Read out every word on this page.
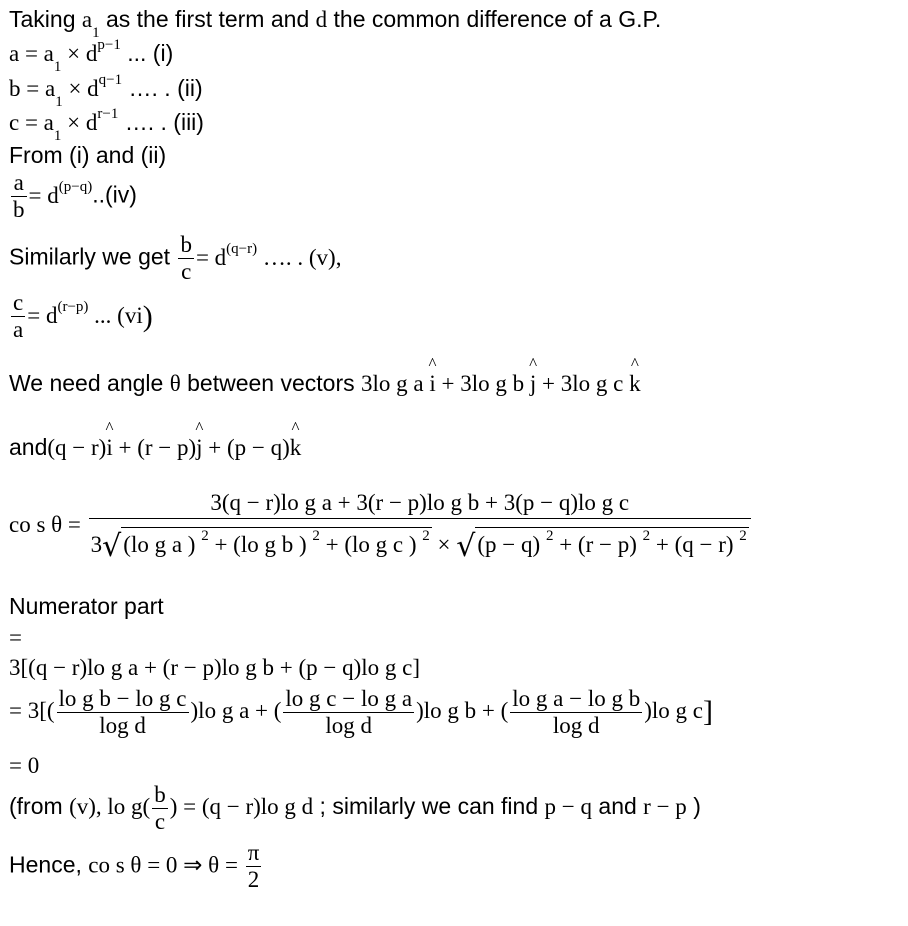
Taking $a_1$ as the first term and d the common difference of a G.P.
$a = a_1 \times d^{p-1}$ ... (i)
$b = a_1 \times d^{q-1}$ …. . (ii)
$c = a_1 \times d^{r-1}$ …. . (iii)
From (i) and (ii)
$\frac{a}{b} = d^{(p-q)}..(iv)$
Similarly we get $\frac{b}{c} = d^{(q-r)}$ …. . (v),
$\frac{c}{a} = d^{(r-p)}$ ... (vi)
We need angle θ between vectors 3lo g a ^ i + 3lo g b ^ j + 3lo g c ^ k
and(q − r)^ i + (r − p)^ j + (p − q)^ k
co s θ =
3(q − r)lo g a + 3(r − p)lo g b + 3(p − q)lo g c
3√(lo g a ) $^2$ + (lo g b ) $^2$ + (lo g c ) $^2$ × √(p − q) $^2$ + (r − p) $^2$ + (q − r) $^2$
Numerator part
=
3[(q − r)lo g a + (r − p)lo g b + (p − q)lo g c]
= $3[( \frac{\text{lo g b − lo g c}}{\text{log d}} )lo$ g a + ( $\frac{\text{lo g c − lo g a}}{\text{log d}} )lo$ g b + ( $\frac{\text{lo g a − lo g b}}{\text{log d}} )lo$ g c]
= 0
(from (v), lo $g( \frac{b}{c}$ ) = (q − r)lo g d ; similarly we can find p − q and r − p )
Hence, co s θ = 0 ⇒ $\theta = \frac{\pi}{2}$
